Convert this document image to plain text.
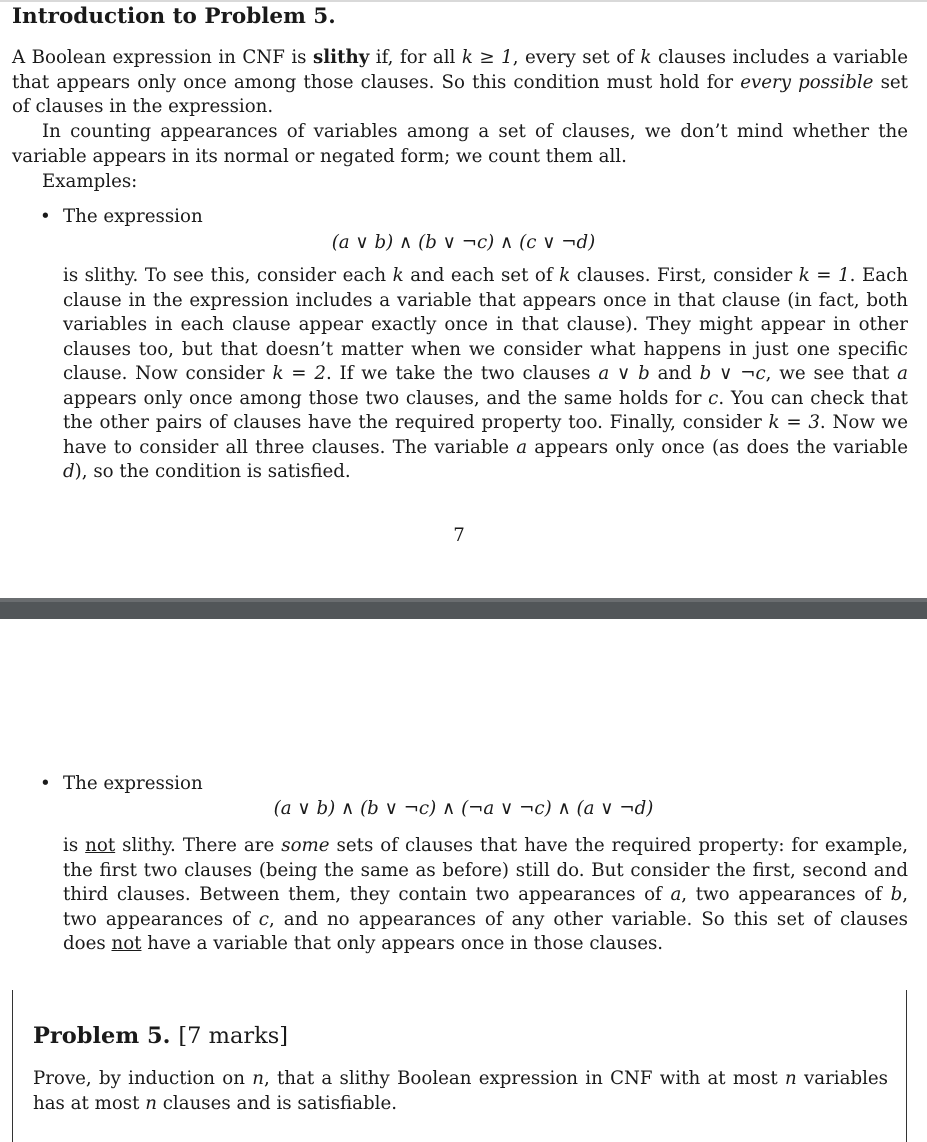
Introduction to Problem 5.

A Boolean expression in CNF is slithy if, for all k ≥ 1, every set of k clauses includes a variable that appears only once among those clauses. So this condition must hold for every possible set of clauses in the expression.

In counting appearances of variables among a set of clauses, we don’t mind whether the variable appears in its normal or negated form; we count them all.

Examples:

• The expression
(a ∨ b) ∧ (b ∨ ¬c) ∧ (c ∨ ¬d)

is slithy. To see this, consider each k and each set of k clauses. First, consider k = 1. Each clause in the expression includes a variable that appears once in that clause (in fact, both variables in each clause appear exactly once in that clause). They might appear in other clauses too, but that doesn’t matter when we consider what happens in just one specific clause. Now consider k = 2. If we take the two clauses a ∨ b and b ∨ ¬c, we see that a appears only once among those two clauses, and the same holds for c. You can check that the other pairs of clauses have the required property too. Finally, consider k = 3. Now we have to consider all three clauses. The variable a appears only once (as does the variable d), so the condition is satisfied.

7
• The expression
(a ∨ b) ∧ (b ∨ ¬c) ∧ (¬a ∨ ¬c) ∧ (a ∨ ¬d)

is not slithy. There are some sets of clauses that have the required property: for example, the first two clauses (being the same as before) still do. But consider the first, second and third clauses. Between them, they contain two appearances of a, two appearances of b, two appearances of c, and no appearances of any other variable. So this set of clauses does not have a variable that only appears once in those clauses.

Problem 5. [7 marks]

Prove, by induction on n, that a slithy Boolean expression in CNF with at most n variables has at most n clauses and is satisfiable.
